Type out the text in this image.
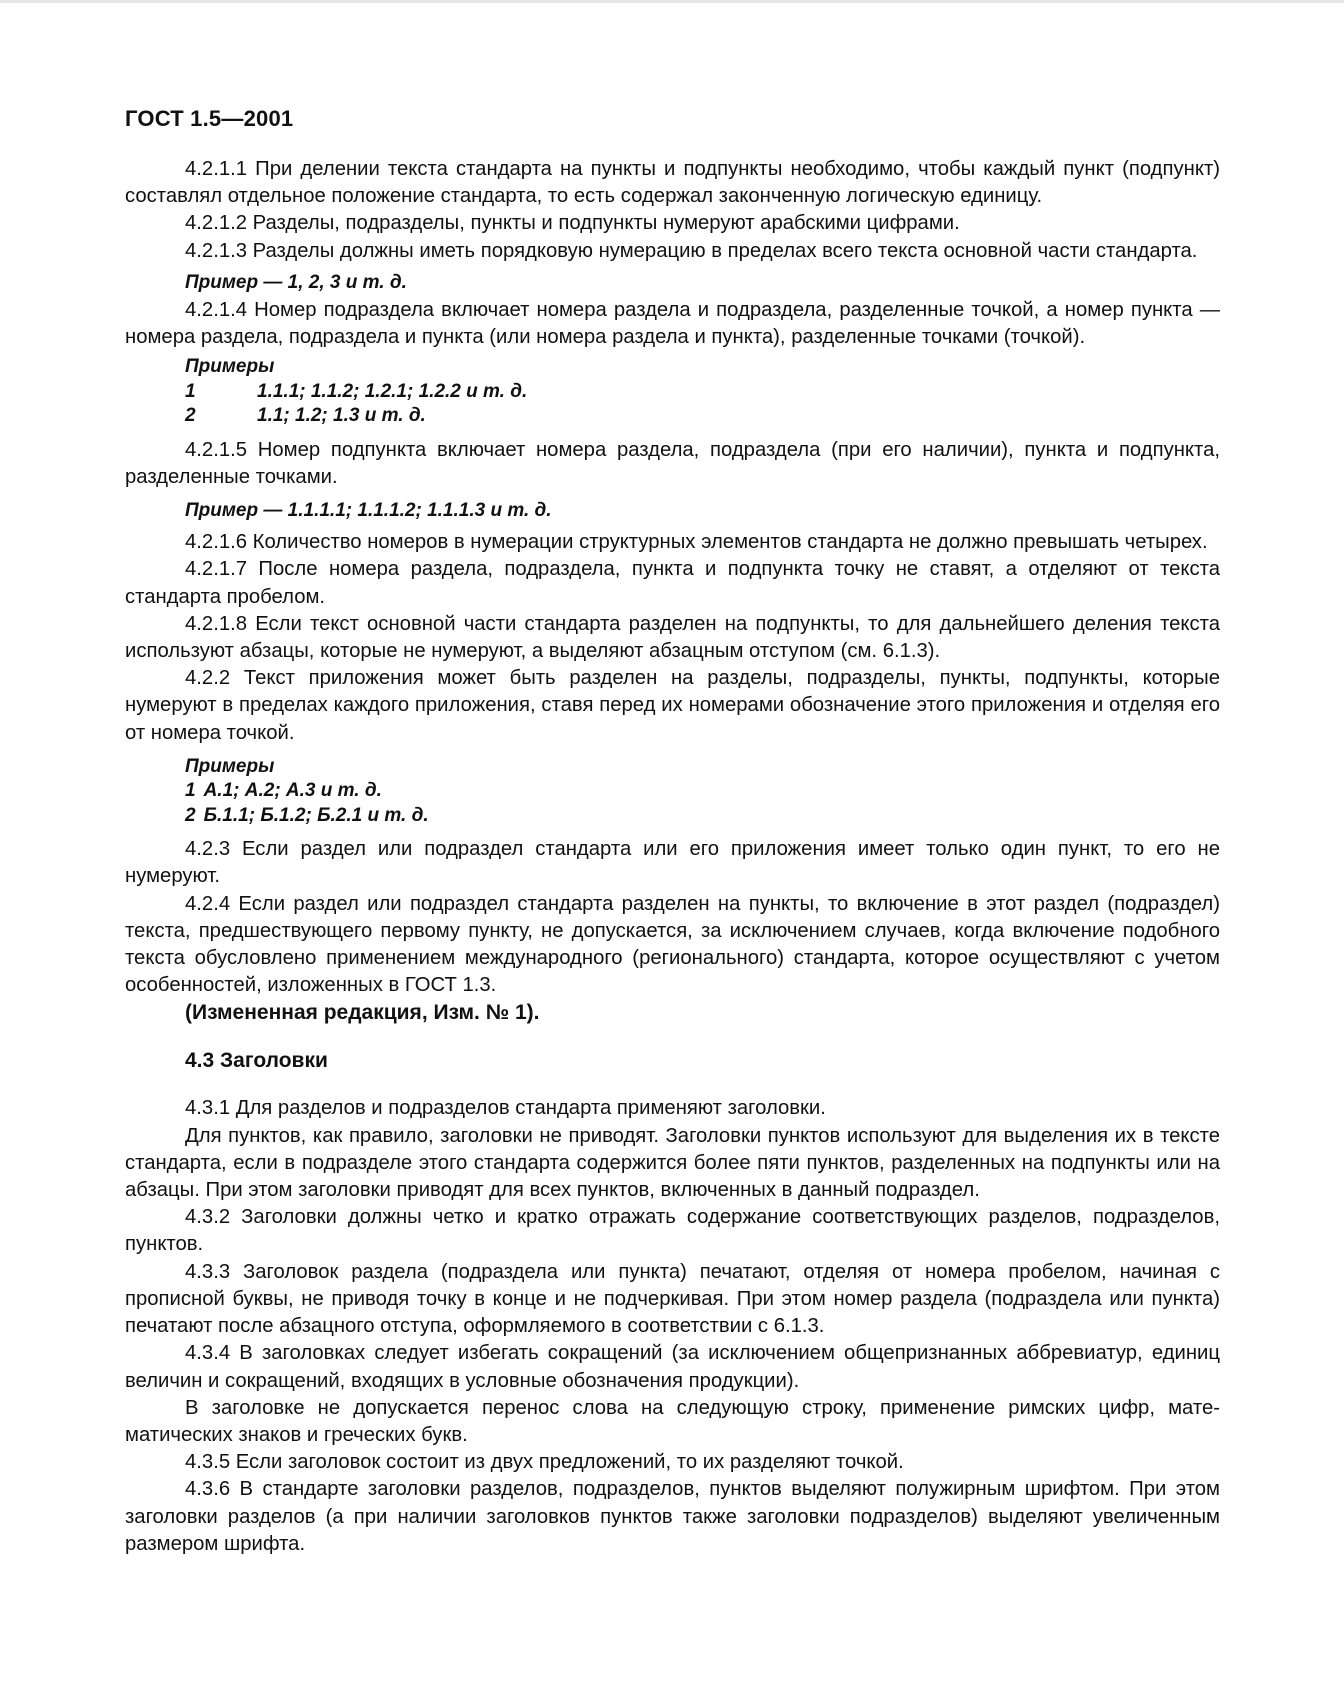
ГОСТ 1.5—2001

4.2.1.1 При делении текста стандарта на пункты и подпункты необходимо, чтобы каждый пункт (подпункт) составлял отдельное положение стандарта, то есть содержал законченную логическую единицу.

4.2.1.2 Разделы, подразделы, пункты и подпункты нумеруют арабскими цифрами.

4.2.1.3 Разделы должны иметь порядковую нумерацию в пределах всего текста основной части стандарта.

Пример — 1, 2, 3 и т. д.

4.2.1.4 Номер подраздела включает номера раздела и подраздела, разделенные точкой, а номер пункта — номера раздела, подраздела и пункта (или номера раздела и пункта), разделенные точками (точкой).

Примеры
1	1.1.1; 1.1.2; 1.2.1; 1.2.2 и т. д.
2	1.1; 1.2; 1.3 и т. д.

4.2.1.5 Номер подпункта включает номера раздела, подраздела (при его наличии), пункта и подпункта, разделенные точками.

Пример — 1.1.1.1; 1.1.1.2; 1.1.1.3 и т. д.

4.2.1.6 Количество номеров в нумерации структурных элементов стандарта не должно превышать четырех.

4.2.1.7 После номера раздела, подраздела, пункта и подпункта точку не ставят, а отделяют от текста стандарта пробелом.

4.2.1.8 Если текст основной части стандарта разделен на подпункты, то для дальнейшего деления текста используют абзацы, которые не нумеруют, а выделяют абзацным отступом (см. 6.1.3).

4.2.2 Текст приложения может быть разделен на разделы, подразделы, пункты, подпункты, которые нумеруют в пределах каждого приложения, ставя перед их номерами обозначение этого приложения и отделяя его от номера точкой.

Примеры
1 А.1; А.2; А.3 и т. д.
2 Б.1.1; Б.1.2; Б.2.1 и т. д.

4.2.3 Если раздел или подраздел стандарта или его приложения имеет только один пункт, то его не нумеруют.

4.2.4 Если раздел или подраздел стандарта разделен на пункты, то включение в этот раздел (подраздел) текста, предшествующего первому пункту, не допускается, за исключением случаев, когда включение подобного текста обусловлено применением международного (регионального) стандарта, которое осуществляют с учетом особенностей, изложенных в ГОСТ 1.3.

(Измененная редакция, Изм. № 1).
4.3 Заголовки

4.3.1 Для разделов и подразделов стандарта применяют заголовки.

Для пунктов, как правило, заголовки не приводят. Заголовки пунктов используют для выделения их в тексте стандарта, если в подразделе этого стандарта содержится более пяти пунктов, разделенных на подпункты или на абзацы. При этом заголовки приводят для всех пунктов, включенных в данный подраздел.

4.3.2 Заголовки должны четко и кратко отражать содержание соответствующих разделов, подразделов, пунктов.

4.3.3 Заголовок раздела (подраздела или пункта) печатают, отделяя от номера пробелом, начиная с прописной буквы, не приводя точку в конце и не подчеркивая. При этом номер раздела (подраздела или пункта) печатают после абзацного отступа, оформляемого в соответствии с 6.1.3.

4.3.4 В заголовках следует избегать сокращений (за исключением общепризнанных аббревиатур, единиц величин и сокращений, входящих в условные обозначения продукции).

В заголовке не допускается перенос слова на следующую строку, применение римских цифр, математических знаков и греческих букв.

4.3.5 Если заголовок состоит из двух предложений, то их разделяют точкой.

4.3.6 В стандарте заголовки разделов, подразделов, пунктов выделяют полужирным шрифтом. При этом заголовки разделов (а при наличии заголовков пунктов также заголовки подразделов) выделяют увеличенным размером шрифта.
